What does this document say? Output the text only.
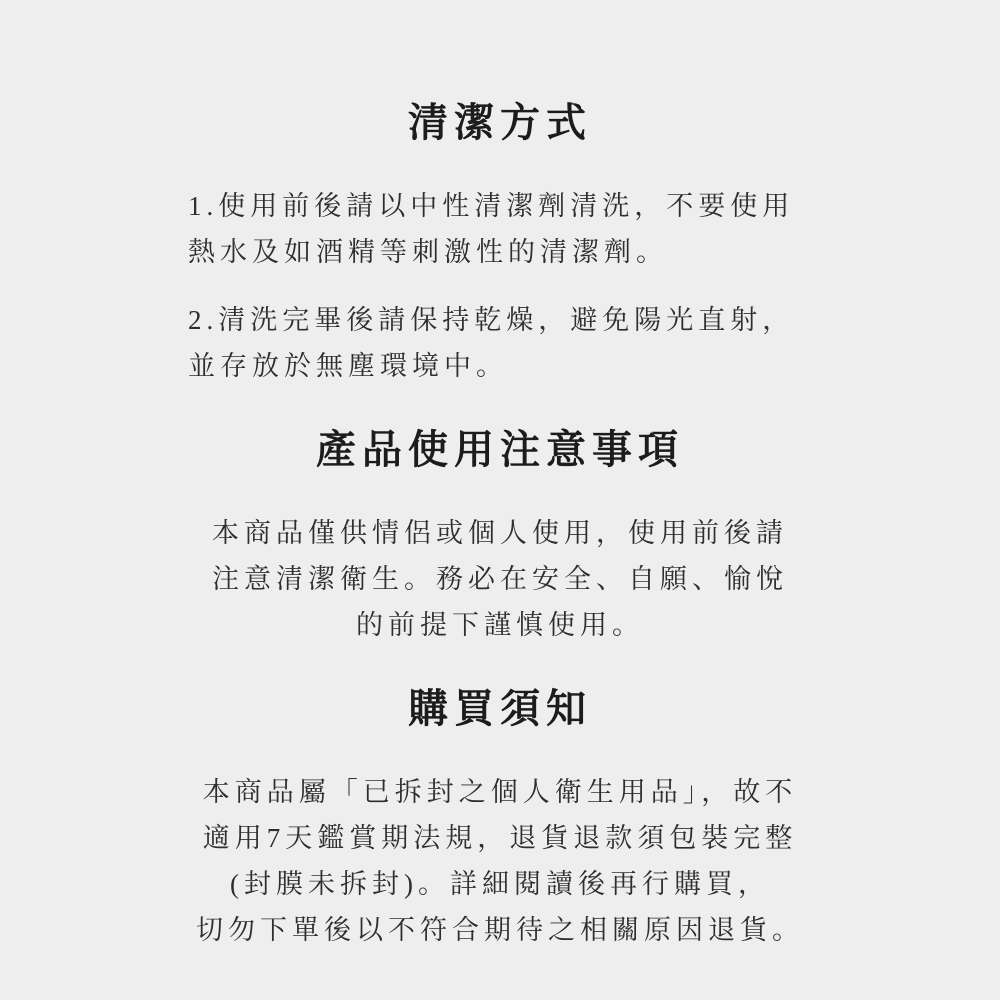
清潔方式

1.使用前後請以中性清潔劑清洗，不要使用
熱水及如酒精等刺激性的清潔劑。

2.清洗完畢後請保持乾燥，避免陽光直射，
並存放於無塵環境中。

產品使用注意事項

本商品僅供情侶或個人使用，使用前後請
注意清潔衛生。務必在安全、自願、愉悅
的前提下謹慎使用。

購買須知

本商品屬「已拆封之個人衛生用品」，故不
適用7天鑑賞期法規，退貨退款須包裝完整
(封膜未拆封)。詳細閱讀後再行購買，
切勿下單後以不符合期待之相關原因退貨。
